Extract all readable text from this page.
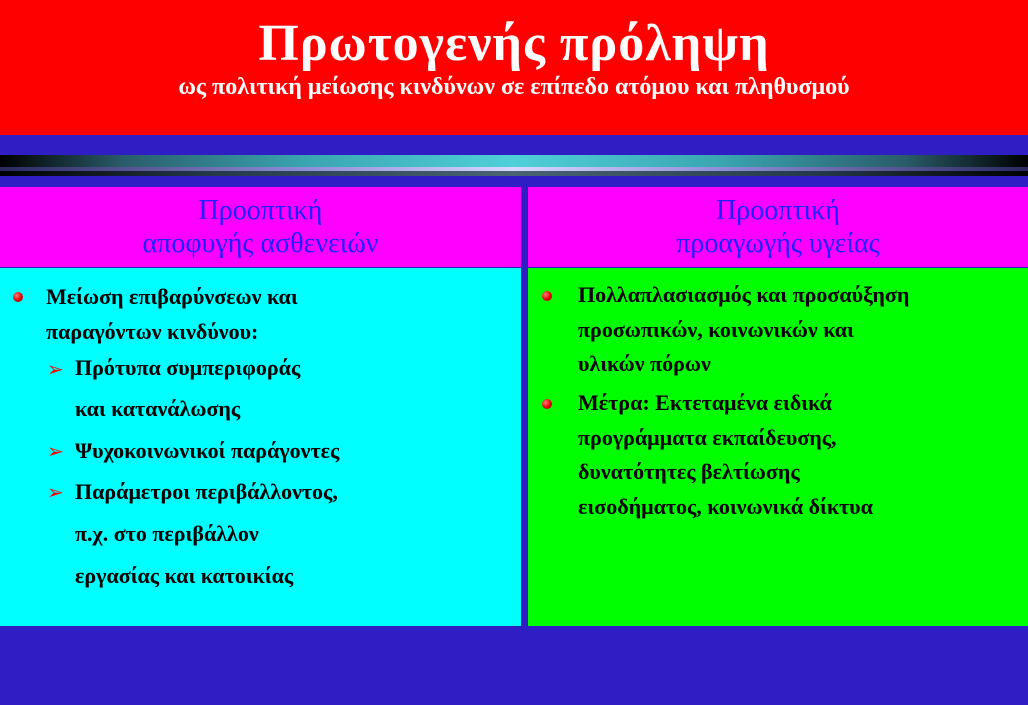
Πρωτογενής πρόληψη
ως πολιτική μείωσης κινδύνων σε επίπεδο ατόμου και πληθυσμού
Προοπτική
αποφυγής ασθενειών
Προοπτική
προαγωγής υγείας
Μείωση επιβαρύνσεων και
παραγόντων κινδύνου:
➢ Πρότυπα συμπεριφοράς
και κατανάλωσης
➢ Ψυχοκοινωνικοί παράγοντες
➢ Παράμετροι περιβάλλοντος,
π.χ. στο περιβάλλον
εργασίας και κατοικίας
Πολλαπλασιασμός και προσαύξηση
προσωπικών, κοινωνικών και
υλικών πόρων
Μέτρα: Εκτεταμένα ειδικά
προγράμματα εκπαίδευσης,
δυνατότητες βελτίωσης
εισοδήματος, κοινωνικά δίκτυα
